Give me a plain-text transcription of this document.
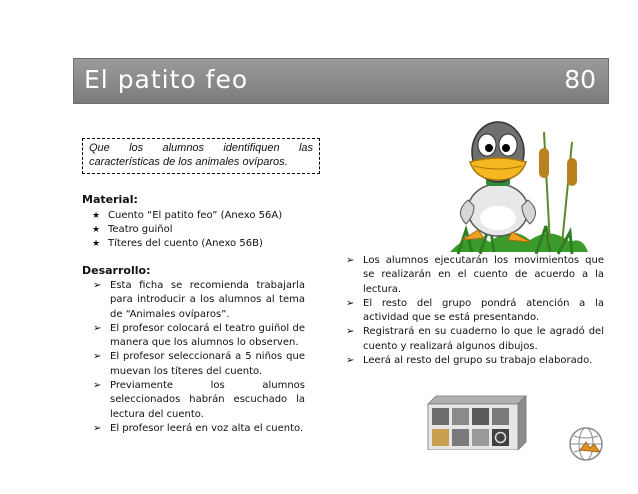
El patito feo	80
Que los alumnos identifiquen las características de los animales ovíparos.
Material:
★ Cuento “El patito feo” (Anexo 56A)
★ Teatro guiñol
★ Títeres del cuento (Anexo 56B)
Desarrollo:
➢ Esta ficha se recomienda trabajarla para introducir a los alumnos al tema de “Animales ovíparos”.
➢ El profesor colocará el teatro guiñol de manera que los alumnos lo observen.
➢ El profesor seleccionará a 5 niños que muevan los títeres del cuento.
➢ Previamente los alumnos seleccionados habrán escuchado la lectura del cuento.
➢ El profesor leerá en voz alta el cuento.
➢ Los alumnos ejecutarán los movimientos que se realizarán en el cuento de acuerdo a la lectura.
➢ El resto del grupo pondrá atención a la actividad que se está presentando.
➢ Registrará en su cuaderno lo que le agradó del cuento y realizará algunos dibujos.
➢ Leerá al resto del grupo su trabajo elaborado.
